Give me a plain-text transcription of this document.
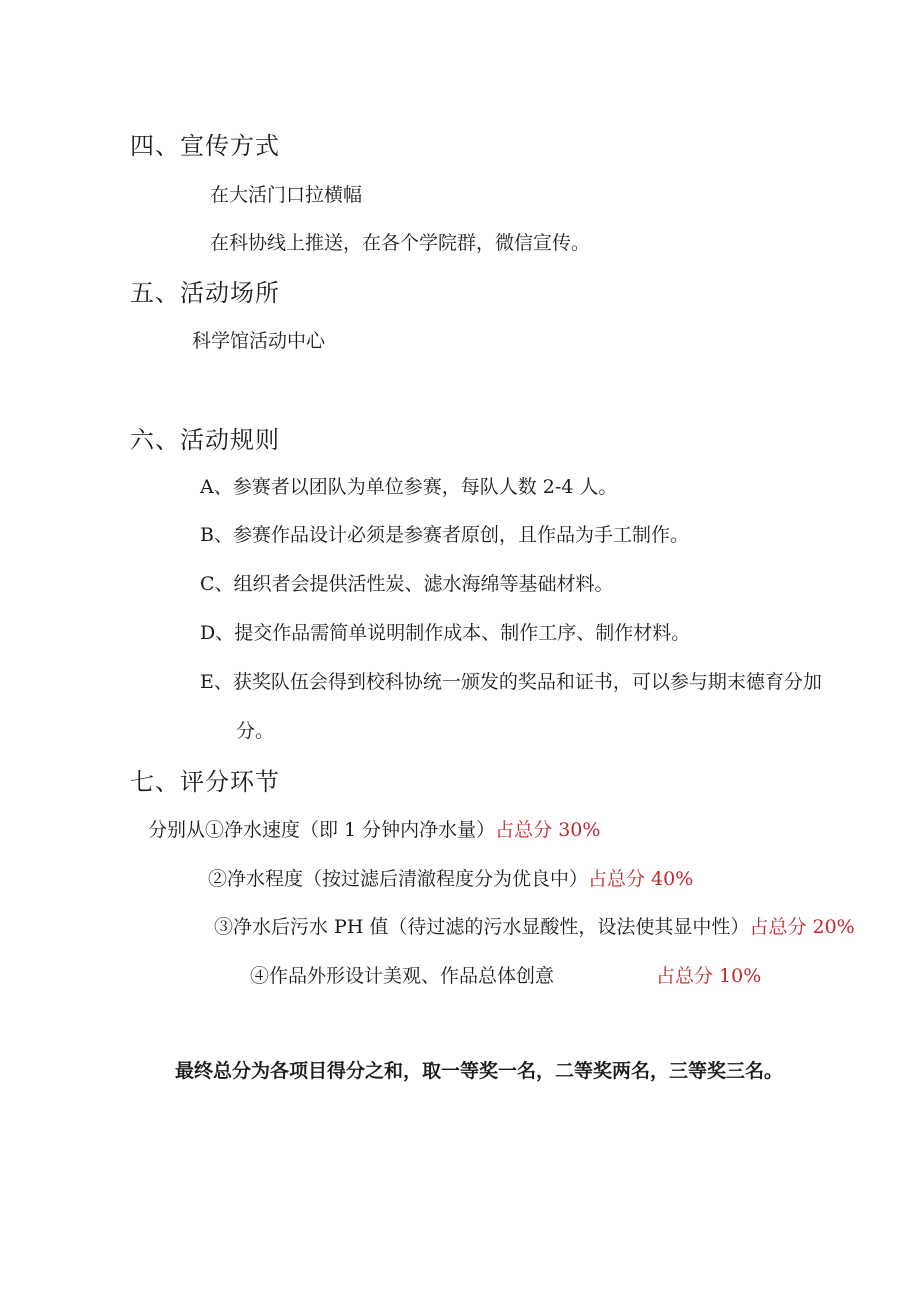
四、宣传方式
在大活门口拉横幅
在科协线上推送，在各个学院群，微信宣传。
五、活动场所
科学馆活动中心
六、活动规则
A、参赛者以团队为单位参赛，每队人数 2-4 人。
B、参赛作品设计必须是参赛者原创，且作品为手工制作。
C、组织者会提供活性炭、滤水海绵等基础材料。
D、提交作品需简单说明制作成本、制作工序、制作材料。
E、获奖队伍会得到校科协统一颁发的奖品和证书，可以参与期末德育分加
分。
七、评分环节
分别从①净水速度（即 1 分钟内净水量）占总分 30%
②净水程度（按过滤后清澈程度分为优良中）占总分 40%
③净水后污水 PH 值（待过滤的污水显酸性，设法使其显中性）占总分 20%
④作品外形设计美观、作品总体创意	占总分 10%
最终总分为各项目得分之和，取一等奖一名，二等奖两名，三等奖三名。
